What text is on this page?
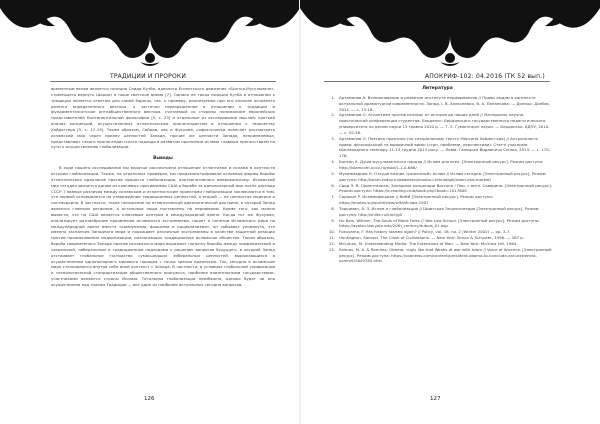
ТРАДИЦИИ И ПРОРОКИ

временным вехам является позиция Саида Кутба, идеолога Египетского движения «Братья-Мусульмане», стремящего вернуть Шариат в наше светское время [7]. Однако не такая позиция Кутба в отношении к традиции является ответом для самой Европы, так, к примеру, реализуемая при его анализе основного разного определенного вектора, а частично неразрешенное в отношении к традиции и фундаменталистское антиобщественного вектора, считаемый со стороны пониманием европейских представителей Континентальной философии [5, с. 25] и отдельные из исследовании мыслей: краткий анализ концепций, осуществленных атлантическим пропагандистом в отношении к творчеству Хайдеггера [5, с. 17-19]. Таким образом, Сейдов, как и Фукуяма, софистически полагает рассмотреть исламский мир через призму ценностей Запада, прочие же ценности Запада, неприемлемые, представляют такого пропагандистского подхода в развитом признании ислама главным препятствием на пути к осуществлению глобализации.

Выводы

В ходе нашего исследования мы вкратце рассмотрели отношение атлантизма и ислама в контексте истории глобализации. Также, на отдельных примерах, мы продемонстрировали основные формы борьбы атлантических идеологов против процесса глобализации, альтернативного американскому. Исламский мир сегодня является одним из ключевых противников США в борьбе за однополярный мир после распада СССР. Главные различия между исламским и атлантистским проектами глобализации заключаются в том, что первый основывается на утверждении традиционных ценностей, а второй — на ценностях модерна и постмодерна. В частности, такое положение на атлантической идеологической доктрине, в которой Запад является главным регионом, а остальные люди поставлены на периферию. Кроме того, как можно вывести, что на США является ключевым центром в международной арене. Когда тот же Фукуяма, анализирует разнообразие проявления исламского экстремизма, пишет о понятии Исламского мира на международной арене вместе «комиунизма, фашизма и национализма», он забывает упомянуть, что именно экспансия Западного мира и порождает различные экстремизмы в качестве защитной реакции против проникновения модернизации, разлагающих традиционное исламское общество. Таким образом, борьба современного Запада против исламского мира выражает попытку борьбы между профанической и сакральной, либеральным и традиционным подходами к решению вопросов будущего, в которой Запад отстаивает глобальное господство сумасшедших либеральных ценностей, выражающихся в осуществлении однополярного мирового порядка с точки зрения идеологии. Так, сегодня в исламском мире сталкиваются внутри себя иной контекст с Запада. В частности, в условиях глобальной унификации и технологической стандартизации общественного прогресса, наиболее влиятельными государствами-участниками являются страны Ислама. Тотальная глобализация неизбежна, однако будет ли она осуществлена под знаком Традиции — вот один из наиболее актуальных сегодня вопросов.

126
АПОКРИФ-102: 04.2016 (ТК 52 вып.)
Литература
1.	Артамонов А. Возникновение и развитие института перформансов // Право людям в контексте актуальной драматургии современности. Запад. I. В. Алексеевко, В. А. Папанкова. — Донецк: Донбас, 2011. — с. 13-18.
2.	Артамонов О. Атлантизм против ислама: от истоков до наших дней // Материалы научно-практической конференции студентов. Бердянск: Бердянского государственного педагогического университета по делам науки 13 травня 2010 р. — Т. 2. Гуманітарні науки. — Бердянськ: БДПУ, 2010. — с. 55-56.
3.	Артамонов О. Поэтика практики (по специальному тексту Мартина Хайдеггера) // Антропологія права: філософський та юридичний вимір (стан, проблеми, перспективи): Статті учасників міжнародного семінару 11-13 грудня 2013 року. — Львів: Галицька Видавнича Спілка, 2013. — с. 170-176.
4.	Бансан Х. Душа мусульманского народа // Ислам для всех. [Электронный ресурс]. Режим доступа: http://islamcom.ucoz.ru/publ/1-1-0-688/
5.	Мухаммадиев Н. Откуда возник «рыночный» ислам // Ислам сегодня. [Электронный ресурс]. Режим доступа: http://islam-today.ru/obwestvo/nauka-i-tehnologii/islam-and-market/
6.	Саид Э. В. Ориентализм. Западные концепции Востока / Пер. с англ. Саверина. [Электронный ресурс]. Режим доступа: https://e-reading.club/book.php?book=1017600
7.	Сорокин Р. Исламофашизм // ВиКИ [Электронный ресурс]. Режим доступа: https://enotes.su/world/view/wiki/Ислам-1907
8.	Торкиман, А. З. Ислам и глобализация // Шиитская Энциклопедия [Электронный ресурс]. Режим доступа: http://shiite.ru/k/o5/g9
9.	Du Bois, William. The Souls of Black Folks // Yale Law School. [Электронный ресурс]. Режим доступа: https://avalon.law.yale.edu/20th_century/dubois_01.asp
10.	Fukuyama, F. Has history started again? // Policy, vol. 18, no. 2 (Winter 2002) — pp. 3-7.
11.	Huntington, Samuel. The Clash of Civilizations. — New York: Simon & Schuster, 1996. — 367 p.
12.	McLuhan, M. Understanding Media: The Extensions of Man. — New York: McGraw Hill, 1964.
13.	Salmas, M. A. & Ramirez. Obama: «ugly like that Westis at war with Islam // Voice of America. [Электронный ресурс]. Режим доступа: https://voanews.com/content/president-obama-to-conclude-anti-extremist-summit/2649785.html
127
